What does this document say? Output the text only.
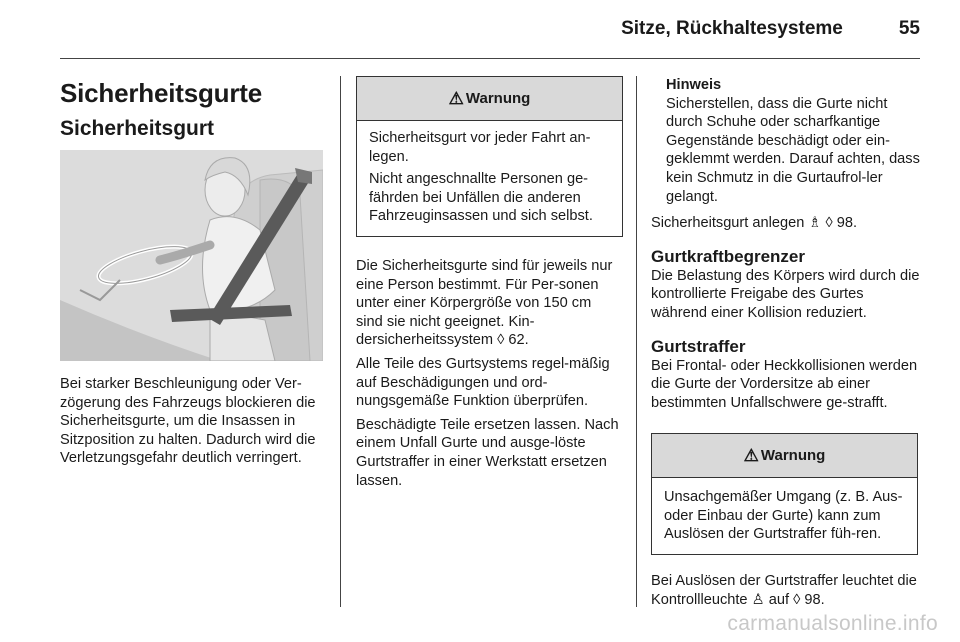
Sitze, Rückhaltesysteme	55
Sicherheitsgurte
Sicherheitsgurt

Bei starker Beschleunigung oder Ver-zögerung des Fahrzeugs blockieren die Sicherheitsgurte, um die Insassen in Sitzposition zu halten. Dadurch wird die Verletzungsgefahr deutlich verringert.

⚠ Warnung

Sicherheitsgurt vor jeder Fahrt an-legen.

Nicht angeschnallte Personen ge-fährden bei Unfällen die anderen Fahrzeuginsassen und sich selbst.

Die Sicherheitsgurte sind für jeweils nur eine Person bestimmt. Für Per-sonen unter einer Körpergröße von 150 cm sind sie nicht geeignet. Kin-dersicherheitssystem ◊ 62.

Alle Teile des Gurtsystems regel-mäßig auf Beschädigungen und ord-nungsgemäße Funktion überprüfen.

Beschädigte Teile ersetzen lassen. Nach einem Unfall Gurte und ausge-löste Gurtstraffer in einer Werkstatt ersetzen lassen.

Hinweis

Sicherstellen, dass die Gurte nicht durch Schuhe oder scharfkantige Gegenstände beschädigt oder ein-geklemmt werden. Darauf achten, dass kein Schmutz in die Gurtaufrol-ler gelangt.

Sicherheitsgurt anlegen ♗ ◊ 98.

Gurtkraftbegrenzer

Die Belastung des Körpers wird durch die kontrollierte Freigabe des Gurtes während einer Kollision reduziert.

Gurtstraffer

Bei Frontal- oder Heckkollisionen werden die Gurte der Vordersitze ab einer bestimmten Unfallschwere ge-strafft.

⚠ Warnung

Unsachgemäßer Umgang (z. B. Aus- oder Einbau der Gurte) kann zum Auslösen der Gurtstraffer füh-ren.

Bei Auslösen der Gurtstraffer leuchtet die Kontrollleuchte ♙ auf ◊ 98.

carmanualsonline.info
